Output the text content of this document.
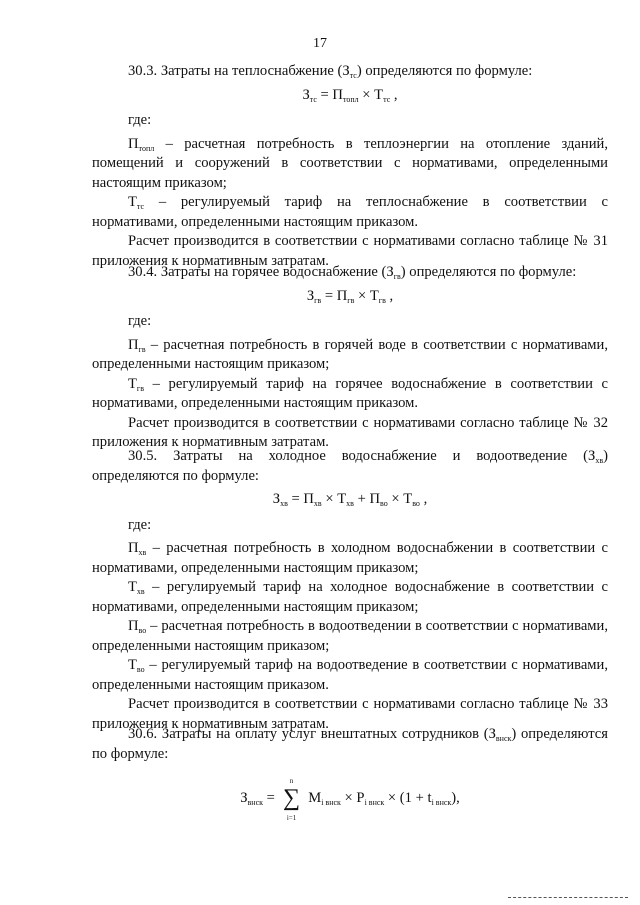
17

30.3. Затраты на теплоснабжение $(З_{тс})$ определяются по формуле:

$З_{тс} = П_{топл} \times Т_{тс}$ ,

где:

$П_{топл}$ – расчетная потребность в теплоэнергии на отопление зданий, помещений и сооружений в соответствии с нормативами, определенными настоящим приказом;

$Т_{тс}$ – регулируемый тариф на теплоснабжение в соответствии с нормативами, определенными настоящим приказом.

Расчет производится в соответствии с нормативами согласно таблице № 31 приложения к нормативным затратам.

30.4. Затраты на горячее водоснабжение $(З_{гв})$ определяются по формуле:

$З_{гв} = П_{гв} \times Т_{гв}$ ,

где:

$П_{гв}$ – расчетная потребность в горячей воде в соответствии с нормативами, определенными настоящим приказом;

$Т_{гв}$ – регулируемый тариф на горячее водоснабжение в соответствии с нормативами, определенными настоящим приказом.

Расчет производится в соответствии с нормативами согласно таблице № 32 приложения к нормативным затратам.

30.5. Затраты на холодное водоснабжение и водоотведение $(З_{хв})$ определяются по формуле:

$З_{хв} = П_{хв} \times Т_{хв} + П_{во} \times Т_{во}$ ,

где:

$П_{хв}$ – расчетная потребность в холодном водоснабжении в соответствии с нормативами, определенными настоящим приказом;

$Т_{хв}$ – регулируемый тариф на холодное водоснабжение в соответствии с нормативами, определенными настоящим приказом;

$П_{во}$ – расчетная потребность в водоотведении в соответствии с нормативами, определенными настоящим приказом;

$Т_{во}$ – регулируемый тариф на водоотведение в соответствии с нормативами, определенными настоящим приказом.

Расчет производится в соответствии с нормативами согласно таблице № 33 приложения к нормативным затратам.

30.6. Затраты на оплату услуг внештатных сотрудников $(З_{внск})$ определяются по формуле:

$З_{внск}$ =
n
∑
i=1
$M_{i внск} \times P_{i внск} \times (1 + t_{i внск})$,
